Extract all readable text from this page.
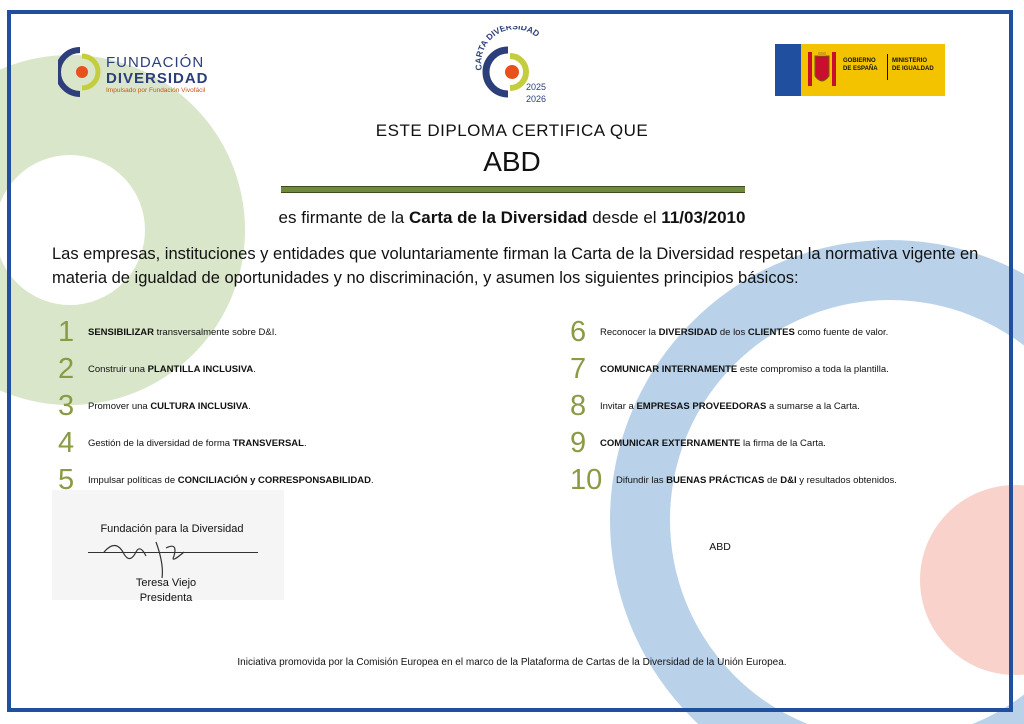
FUNDACIÓN
DIVERSIDAD
Impulsado por Fundación Vivofácil
CARTA DIVERSIDAD
2025
2026
GOBIERNO
DE ESPAÑA
MINISTERIO
DE IGUALDAD
ESTE DIPLOMA CERTIFICA QUE
ABD
es firmante de la Carta de la Diversidad desde el 11/03/2010
Las empresas, instituciones y entidades que voluntariamente firman la Carta de la Diversidad respetan la normativa vigente en materia de igualdad de oportunidades y no discriminación, y asumen los siguientes principios básicos:
1 SENSIBILIZAR transversalmente sobre D&I.
2 Construir una PLANTILLA INCLUSIVA.
3 Promover una CULTURA INCLUSIVA.
4 Gestión de la diversidad de forma TRANSVERSAL.
5 Impulsar políticas de CONCILIACIÓN y CORRESPONSABILIDAD.
6 Reconocer la DIVERSIDAD de los CLIENTES como fuente de valor.
7 COMUNICAR INTERNAMENTE este compromiso a toda la plantilla.
8 Invitar a EMPRESAS PROVEEDORAS a sumarse a la Carta.
9 COMUNICAR EXTERNAMENTE la firma de la Carta.
10 Difundir las BUENAS PRÁCTICAS de D&I y resultados obtenidos.
Fundación para la Diversidad
Teresa Viejo
Presidenta
ABD
Iniciativa promovida por la Comisión Europea en el marco de la Plataforma de Cartas de la Diversidad de la Unión Europea.
